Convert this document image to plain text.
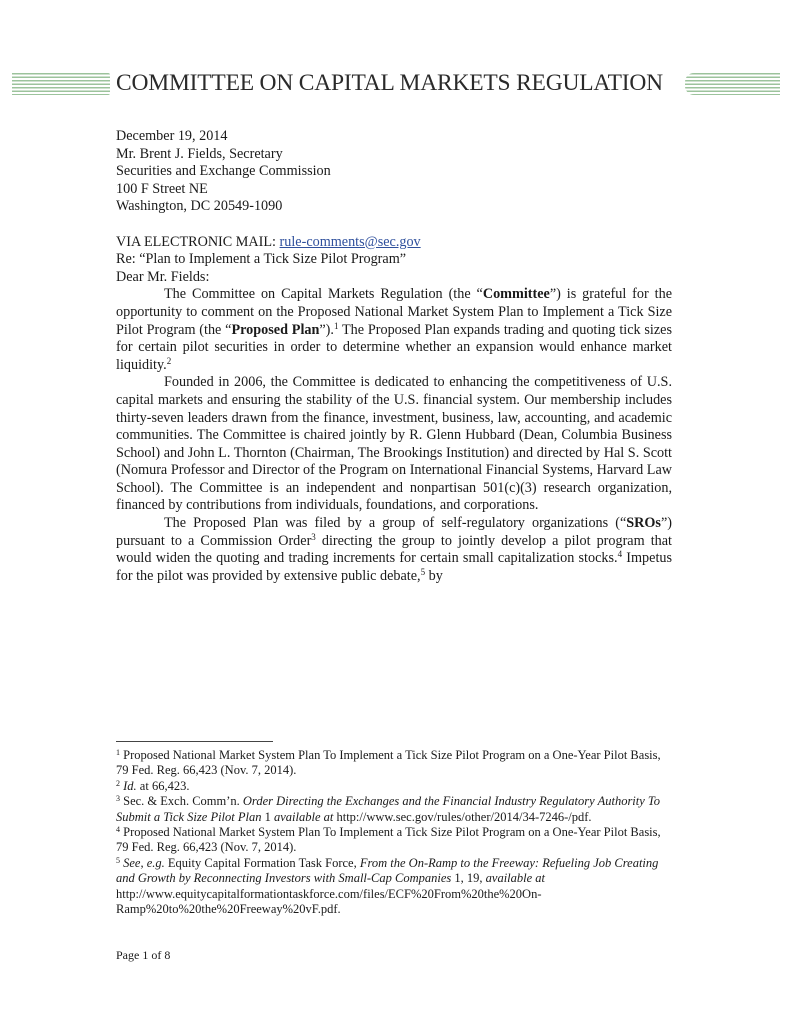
COMMITTEE ON CAPITAL MARKETS REGULATION

December 19, 2014

Mr. Brent J. Fields, Secretary

Securities and Exchange Commission

100 F Street NE

Washington, DC 20549-1090

VIA ELECTRONIC MAIL: rule-comments@sec.gov

Re: “Plan to Implement a Tick Size Pilot Program”

Dear Mr. Fields:

The Committee on Capital Markets Regulation (the “Committee”) is grateful for the opportunity to comment on the Proposed National Market System Plan to Implement a Tick Size Pilot Program (the “Proposed Plan”).$^1$ The Proposed Plan expands trading and quoting tick sizes for certain pilot securities in order to determine whether an expansion would enhance market liquidity.$^2$

Founded in 2006, the Committee is dedicated to enhancing the competitiveness of U.S. capital markets and ensuring the stability of the U.S. financial system. Our membership includes thirty-seven leaders drawn from the finance, investment, business, law, accounting, and academic communities. The Committee is chaired jointly by R. Glenn Hubbard (Dean, Columbia Business School) and John L. Thornton (Chairman, The Brookings Institution) and directed by Hal S. Scott (Nomura Professor and Director of the Program on International Financial Systems, Harvard Law School). The Committee is an independent and nonpartisan 501(c)(3) research organization, financed by contributions from individuals, foundations, and corporations.

The Proposed Plan was filed by a group of self-regulatory organizations (“SROs”) pursuant to a Commission Order$^3$ directing the group to jointly develop a pilot program that would widen the quoting and trading increments for certain small capitalization stocks.$^4$ Impetus for the pilot was provided by extensive public debate,$^5$ by

$^1$ Proposed National Market System Plan To Implement a Tick Size Pilot Program on a One-Year Pilot Basis, 79 Fed. Reg. 66,423 (Nov. 7, 2014).

$^2$ Id. at 66,423.

$^3$ Sec. & Exch. Comm’n. Order Directing the Exchanges and the Financial Industry Regulatory Authority To Submit a Tick Size Pilot Plan 1 available at http://www.sec.gov/rules/other/2014/34-7246-/pdf.

$^4$ Proposed National Market System Plan To Implement a Tick Size Pilot Program on a One-Year Pilot Basis, 79 Fed. Reg. 66,423 (Nov. 7, 2014).

$^5$ See, e.g. Equity Capital Formation Task Force, From the On-Ramp to the Freeway: Refueling Job Creating and Growth by Reconnecting Investors with Small-Cap Companies 1, 19, available at http://www.equitycapitalformationtaskforce.com/files/ECF%20From%20the%20On-Ramp%20to%20the%20Freeway%20vF.pdf.

Page 1 of 8
